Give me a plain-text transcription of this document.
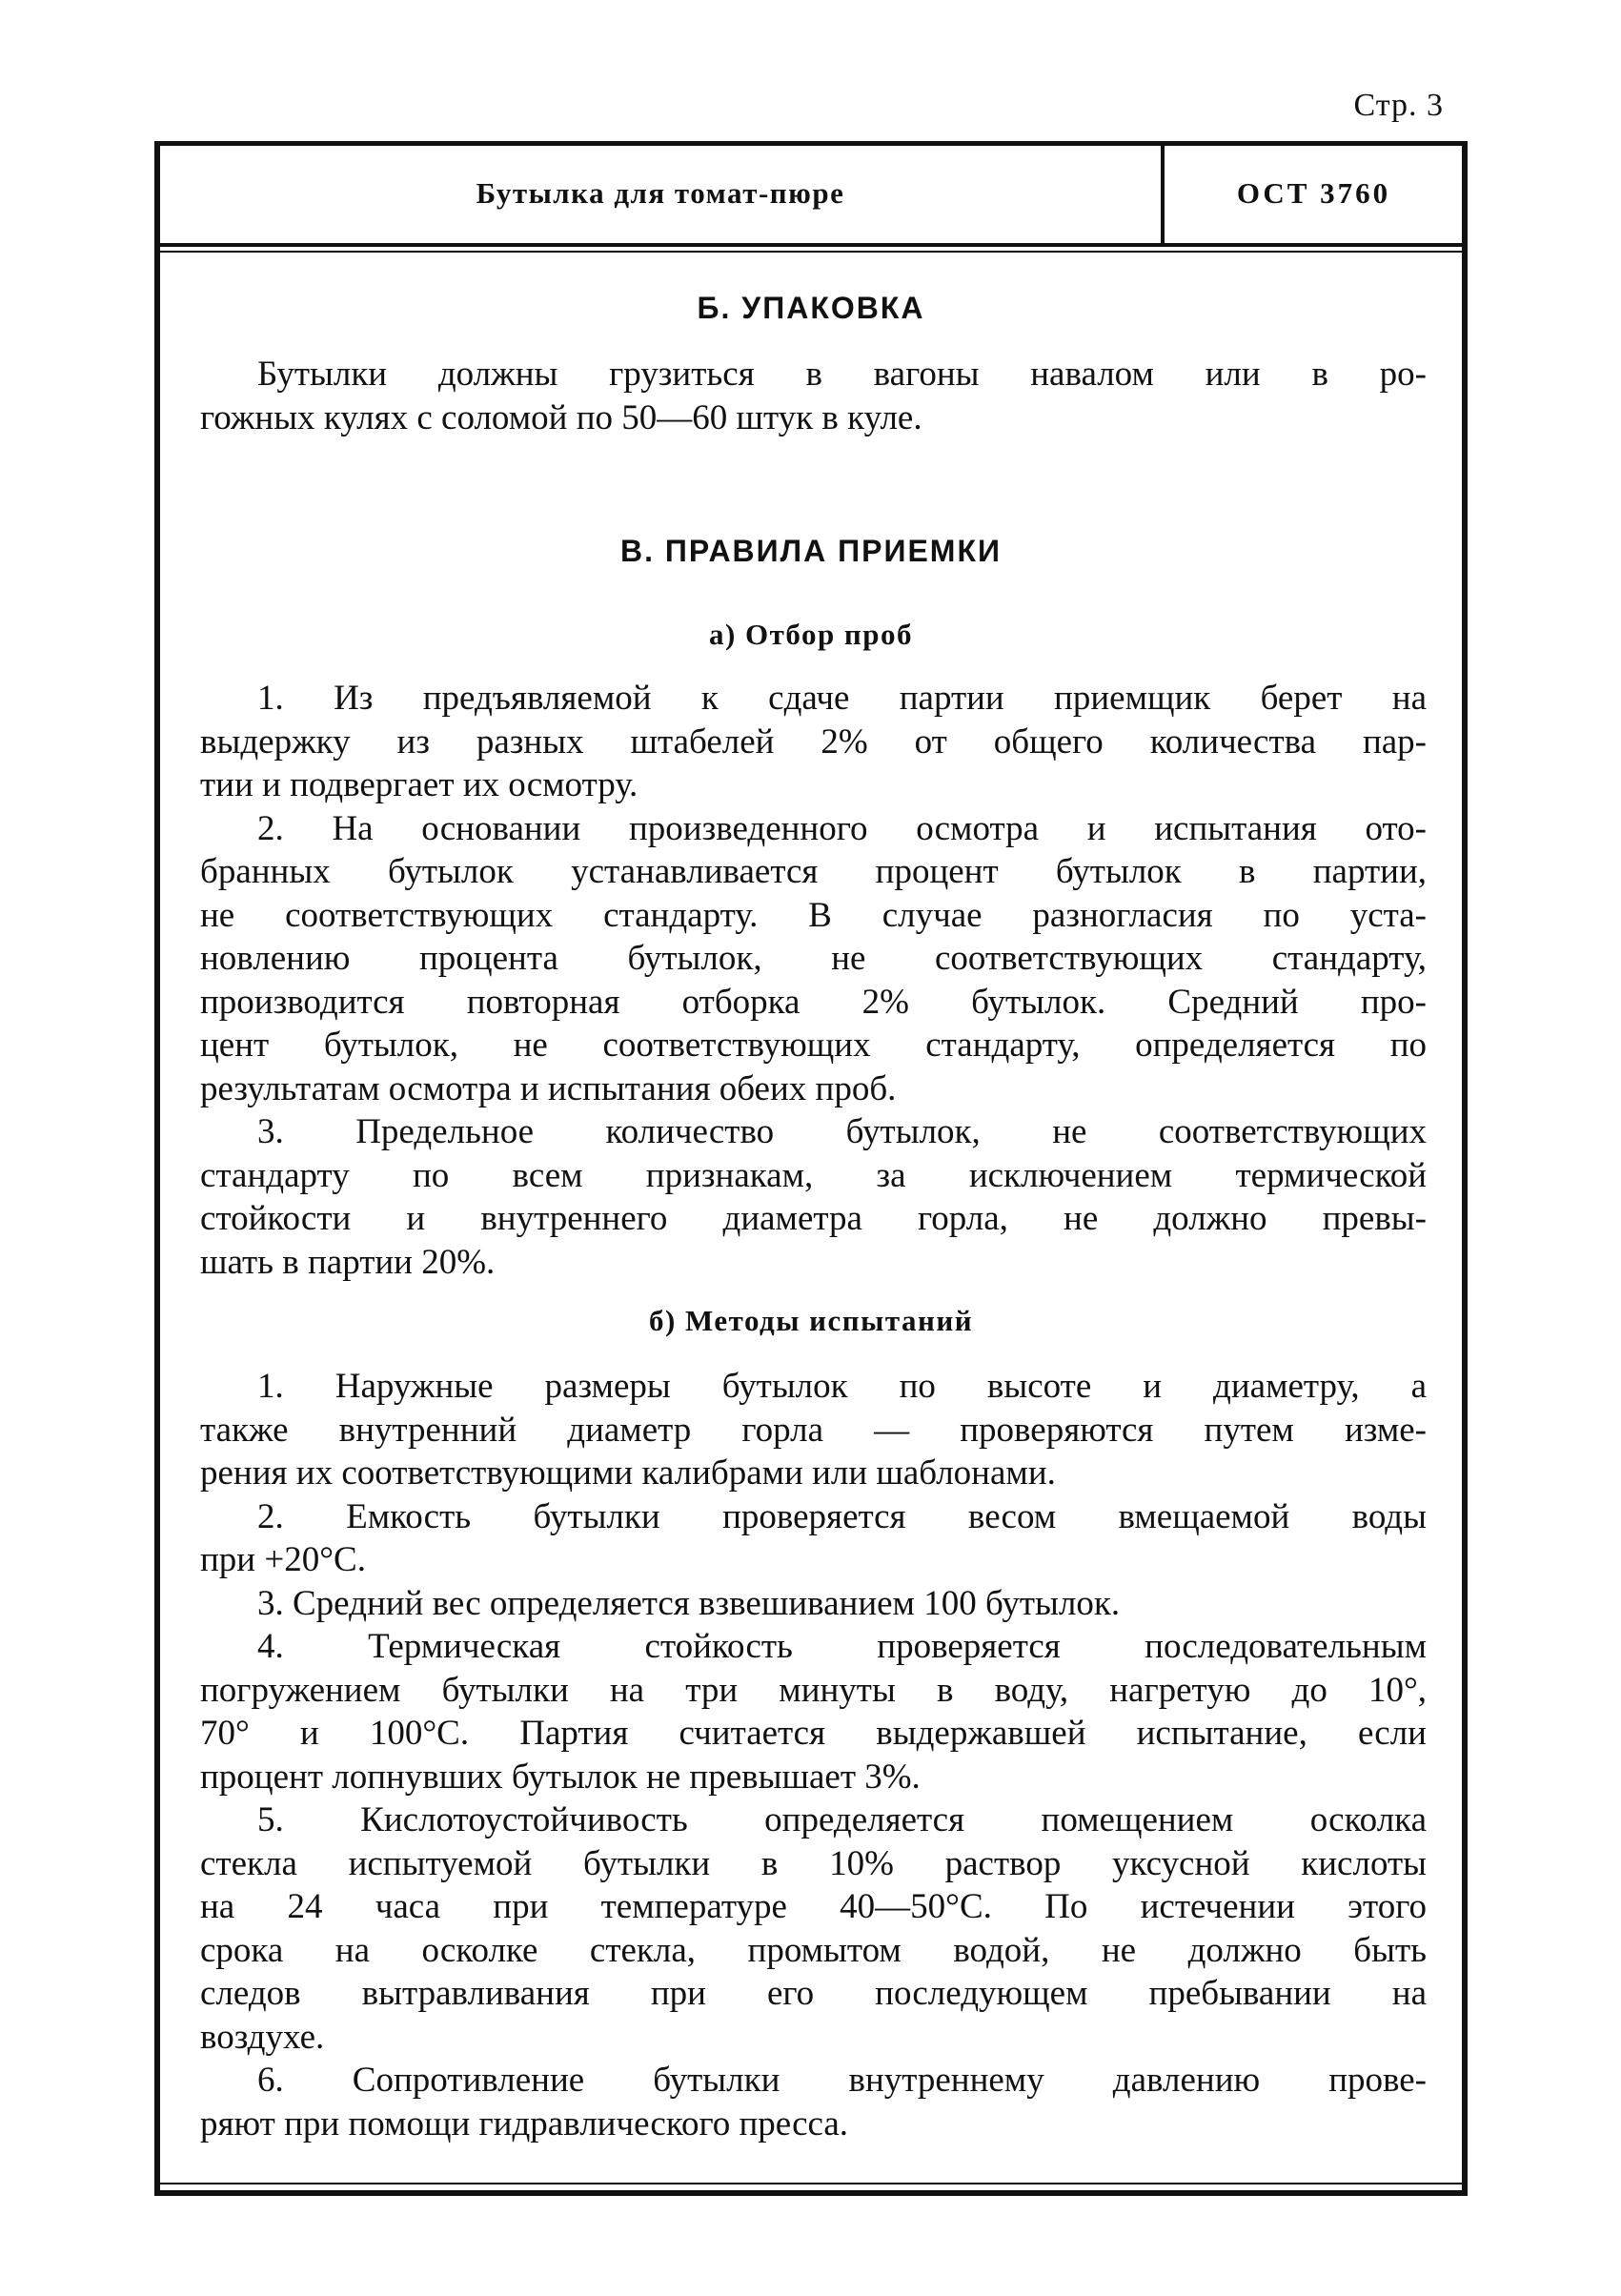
Стр. 3
Бутылка для томат-пюре	ОСТ 3760
Б. УПАКОВКА
Бутылки должны грузиться в вагоны навалом или в ро-
гожных кулях с соломой по 50—60 штук в куле.
В. ПРАВИЛА ПРИЕМКИ
а) Отбор проб
1. Из предъявляемой к сдаче партии приемщик берет на
выдержку из разных штабелей 2% от общего количества пар-
тии и подвергает их осмотру.
2. На основании произведенного осмотра и испытания ото-
бранных бутылок устанавливается процент бутылок в партии,
не соответствующих стандарту. В случае разногласия по уста-
новлению процента бутылок, не соответствующих стандарту,
производится повторная отборка 2% бутылок. Средний про-
цент бутылок, не соответствующих стандарту, определяется по
результатам осмотра и испытания обеих проб.
3. Предельное количество бутылок, не соответствующих
стандарту по всем признакам, за исключением термической
стойкости и внутреннего диаметра горла, не должно превы-
шать в партии 20%.
б) Методы испытаний
1. Наружные размеры бутылок по высоте и диаметру, а
также внутренний диаметр горла — проверяются путем изме-
рения их соответствующими калибрами или шаблонами.
2. Емкость бутылки проверяется весом вмещаемой воды
при +20°С.
3. Средний вес определяется взвешиванием 100 бутылок.
4. Термическая стойкость проверяется последовательным
погружением бутылки на три минуты в воду, нагретую до 10°,
70° и 100°С. Партия считается выдержавшей испытание, если
процент лопнувших бутылок не превышает 3%.
5. Кислотоустойчивость определяется помещением осколка
стекла испытуемой бутылки в 10% раствор уксусной кислоты
на 24 часа при температуре 40—50°С. По истечении этого
срока на осколке стекла, промытом водой, не должно быть
следов вытравливания при его последующем пребывании на
воздухе.
6. Сопротивление бутылки внутреннему давлению прове-
ряют при помощи гидравлического пресса.
